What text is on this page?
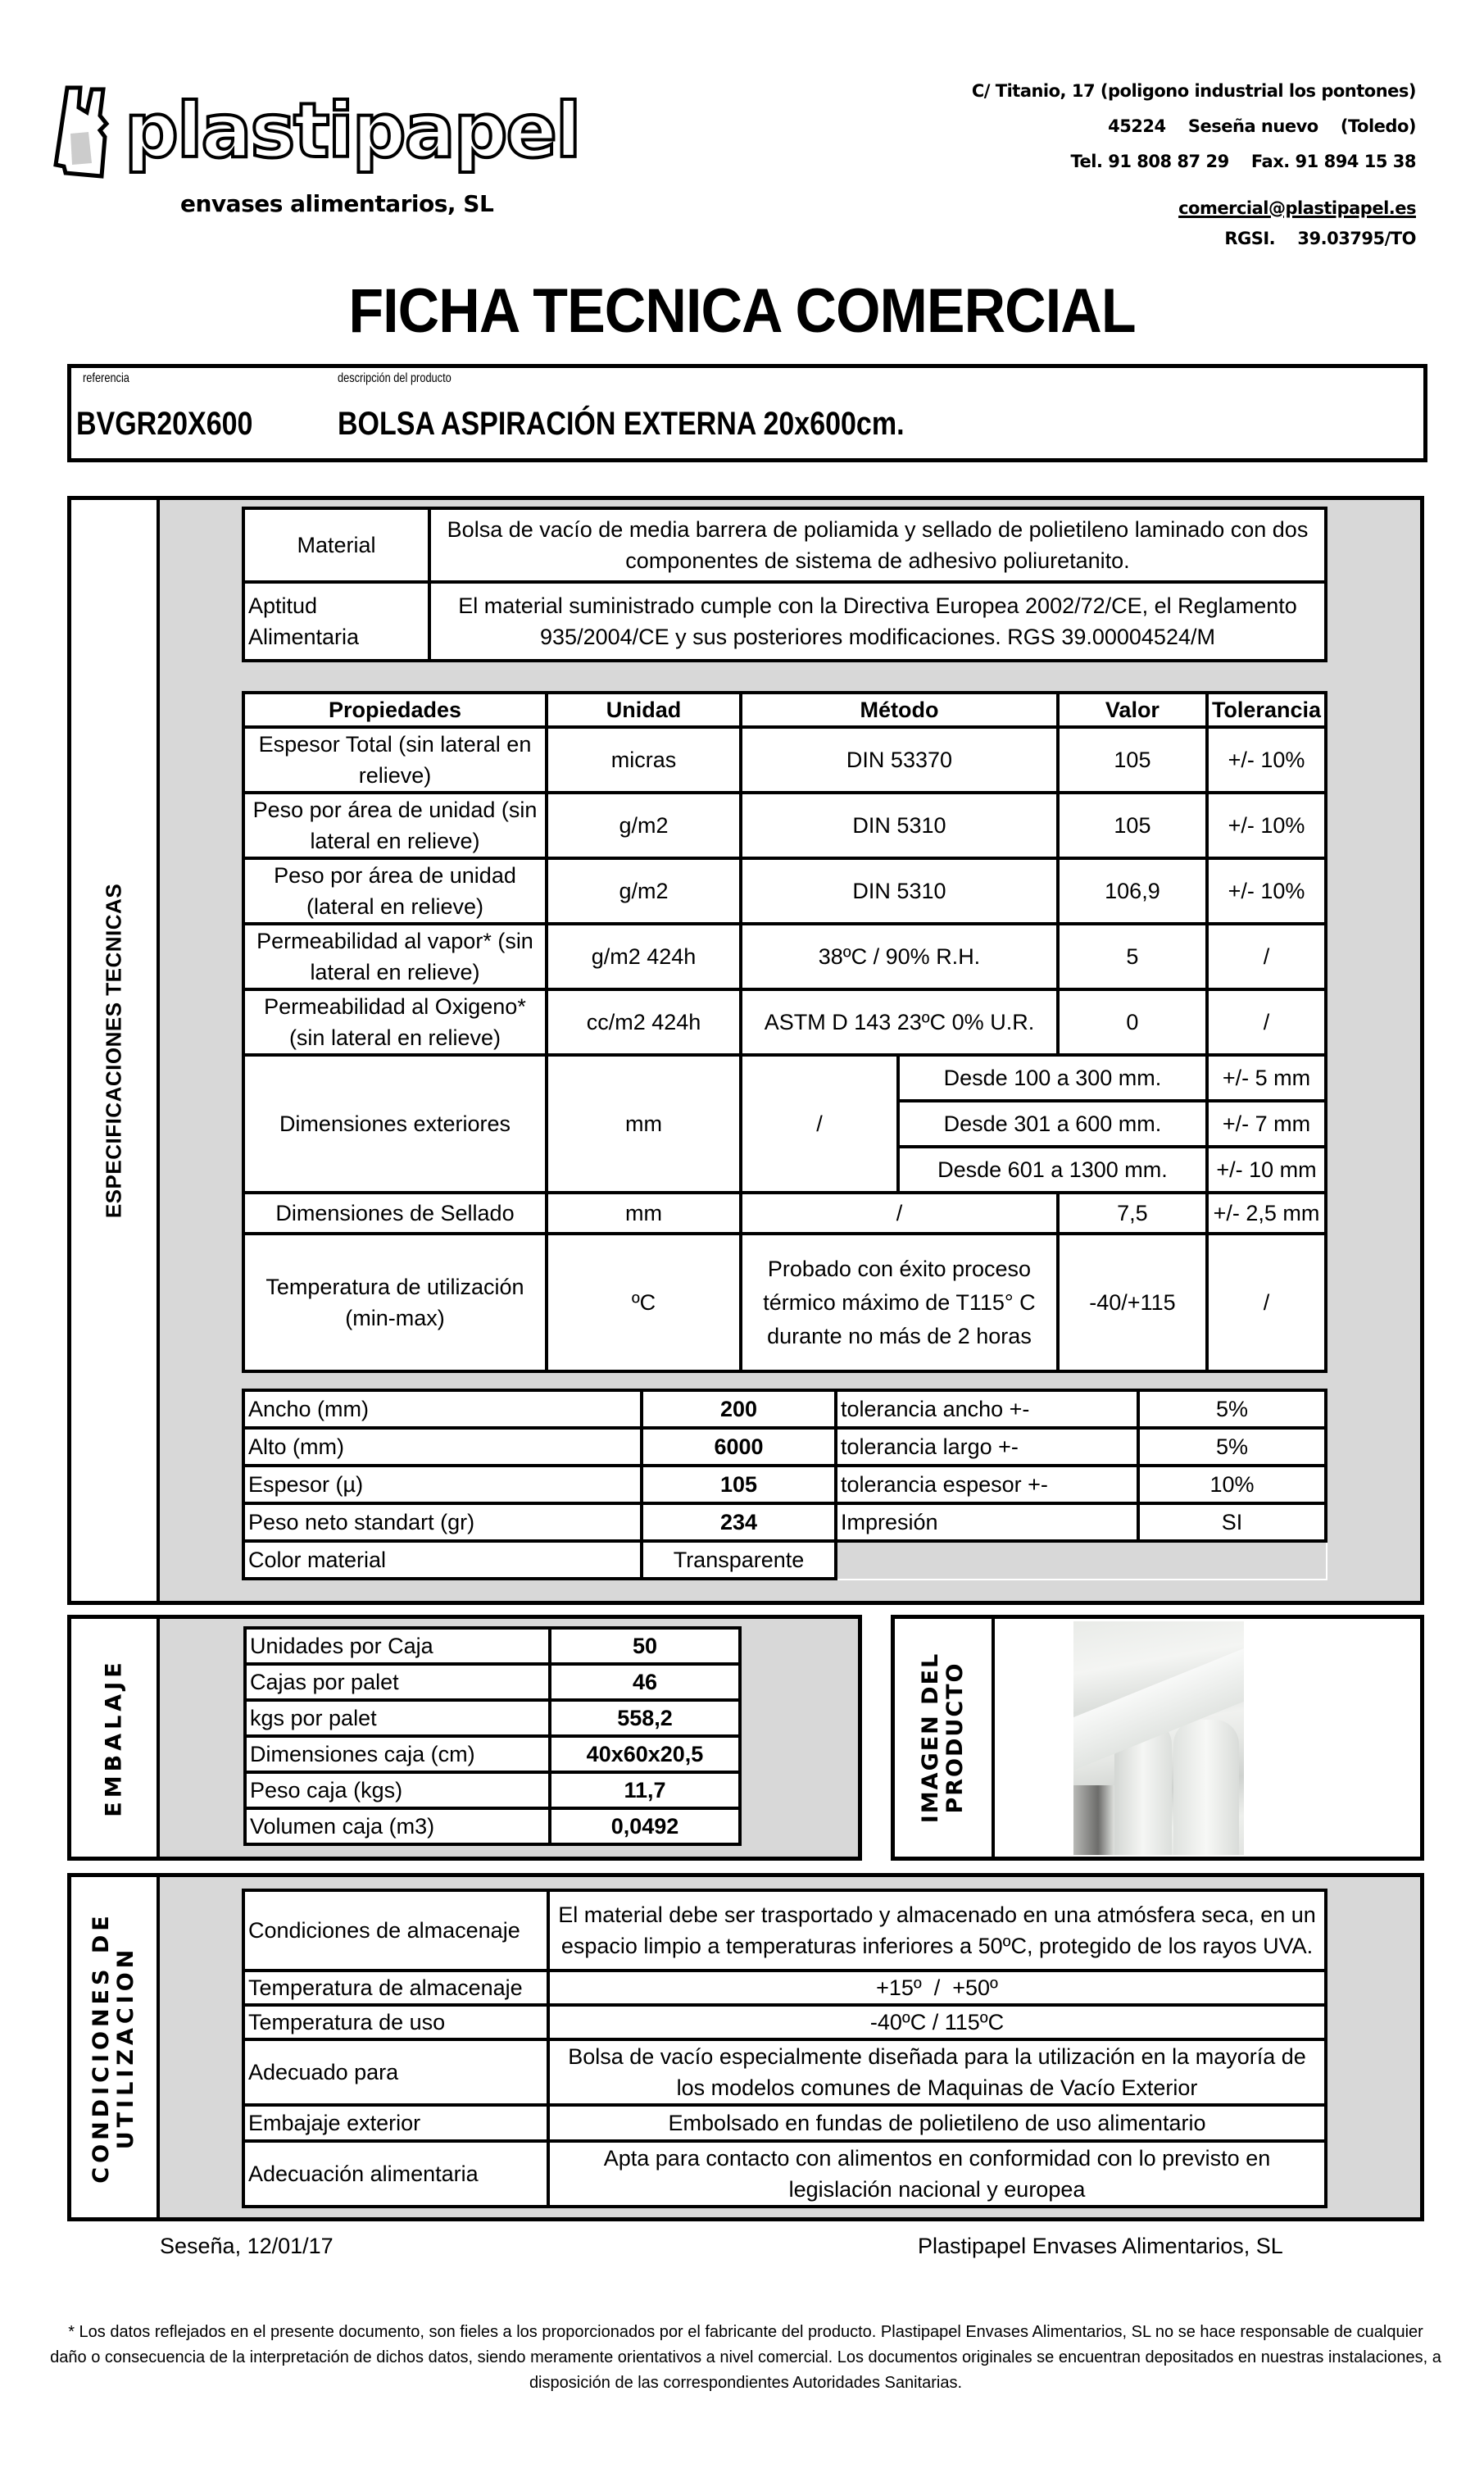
plastipapel
envases alimentarios, SL
C/ Titanio, 17 (poligono industrial los pontones)
45224    Seseña nuevo    (Toledo)
Tel. 91 808 87 29    Fax. 91 894 15 38
comercial@plastipapel.es
RGSI.    39.03795/TO
FICHA TECNICA COMERCIAL
referencia	descripción del producto
BVGR20X600	BOLSA ASPIRACIÓN EXTERNA 20x600cm.
ESPECIFICACIONES TECNICAS
Material	Bolsa de vacío de media barrera de poliamida y sellado de polietileno laminado con dos componentes de sistema de adhesivo poliuretanito.
Aptitud Alimentaria	El material suministrado cumple con la Directiva Europea 2002/72/CE, el Reglamento 935/2004/CE y sus posteriores modificaciones. RGS 39.00004524/M
Propiedades	Unidad	Método		Valor	Tolerancia
Espesor Total (sin lateral en relieve)	micras	DIN 53370		105	+/- 10%
Peso por área de unidad (sin lateral en relieve)	g/m2	DIN 5310		105	+/- 10%
Peso por área de unidad (lateral en relieve)	g/m2	DIN 5310		106,9	+/- 10%
Permeabilidad al vapor* (sin lateral en relieve)	g/m2 424h	38ºC / 90% R.H.		5	/
Permeabilidad al Oxigeno* (sin lateral en relieve)	cc/m2 424h	ASTM D 143 23ºC 0% U.R.		0	/
Dimensiones exteriores	mm	/	Desde 100 a 300 mm.		+/- 5 mm
			Desde 301 a 600 mm.		+/- 7 mm
			Desde 601 a 1300 mm.		+/- 10 mm
Dimensiones de Sellado	mm	/		7,5	+/- 2,5 mm
Temperatura de utilización (min-max)	ºC	Probado con éxito proceso térmico máximo de T115° C durante no más de 2 horas		-40/+115	/
Ancho (mm)	200	tolerancia ancho +-	5%
Alto (mm)	6000	tolerancia largo +-	5%
Espesor (µ)	105	tolerancia espesor +-	10%
Peso neto standart (gr)	234	Impresión	SI
Color material	Transparente		
EMBALAJE
Unidades por Caja	50
Cajas por palet	46
kgs por palet	558,2
Dimensiones caja (cm)	40x60x20,5
Peso caja (kgs)	11,7
Volumen caja (m3)	0,0492
IMAGEN DEL PRODUCTO
CONDICIONES DE UTILIZACION
Condiciones de almacenaje	El material debe ser trasportado y almacenado en una atmósfera seca, en un espacio limpio a temperaturas inferiores a 50ºC, protegido de los rayos UVA.
Temperatura de almacenaje	+15º  /  +50º
Temperatura de uso	-40ºC / 115ºC
Adecuado para	Bolsa de vacío especialmente diseñada para la utilización en la mayoría de los modelos comunes de Maquinas de Vacío Exterior
Embajaje exterior	Embolsado en fundas de polietileno de uso alimentario
Adecuación alimentaria	Apta para contacto con alimentos en conformidad con lo previsto en legislación nacional y europea
Seseña, 12/01/17	Plastipapel Envases Alimentarios, SL
* Los datos reflejados en el presente documento, son fieles a los proporcionados por el fabricante del producto. Plastipapel Envases Alimentarios, SL no se hace responsable de cualquier daño o consecuencia de la interpretación de dichos datos, siendo meramente orientativos a nivel comercial. Los documentos originales se encuentran depositados en nuestras instalaciones, a disposición de las correspondientes Autoridades Sanitarias.
